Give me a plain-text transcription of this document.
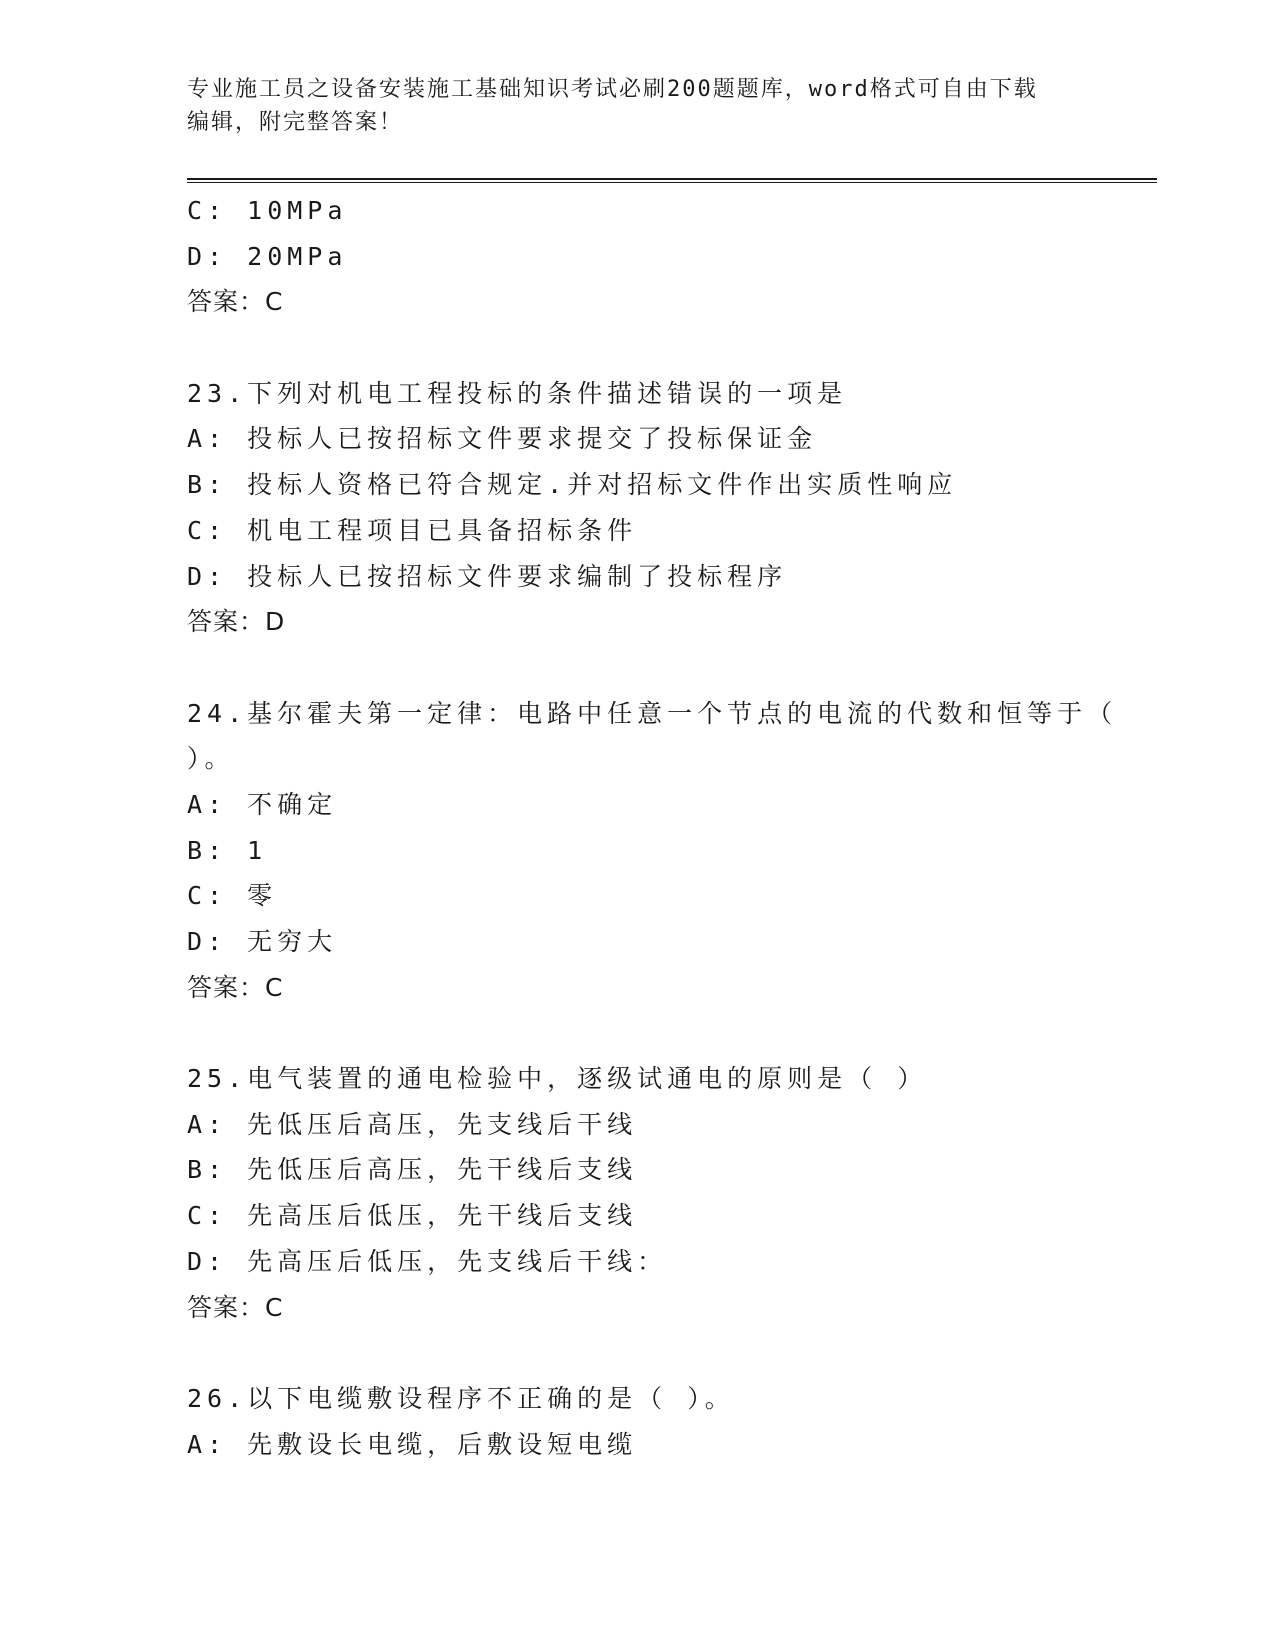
专业施工员之设备安装施工基础知识考试必刷200题题库，word格式可自由下载
编辑，附完整答案！
C: 10MPa
D: 20MPa
答案：C
23.下列对机电工程投标的条件描述错误的一项是
A: 投标人已按招标文件要求提交了投标保证金
B: 投标人资格已符合规定.并对招标文件作出实质性响应
C: 机电工程项目已具备招标条件
D: 投标人已按招标文件要求编制了投标程序
答案：D
24.基尔霍夫第一定律：电路中任意一个节点的电流的代数和恒等于（
）。
A: 不确定
B: 1
C: 零
D: 无穷大
答案：C
25.电气装置的通电检验中，逐级试通电的原则是（ ）
A: 先低压后高压，先支线后干线
B: 先低压后高压，先干线后支线
C: 先高压后低压，先干线后支线
D: 先高压后低压，先支线后干线：
答案：C
26.以下电缆敷设程序不正确的是（ ）。
A: 先敷设长电缆，后敷设短电缆
